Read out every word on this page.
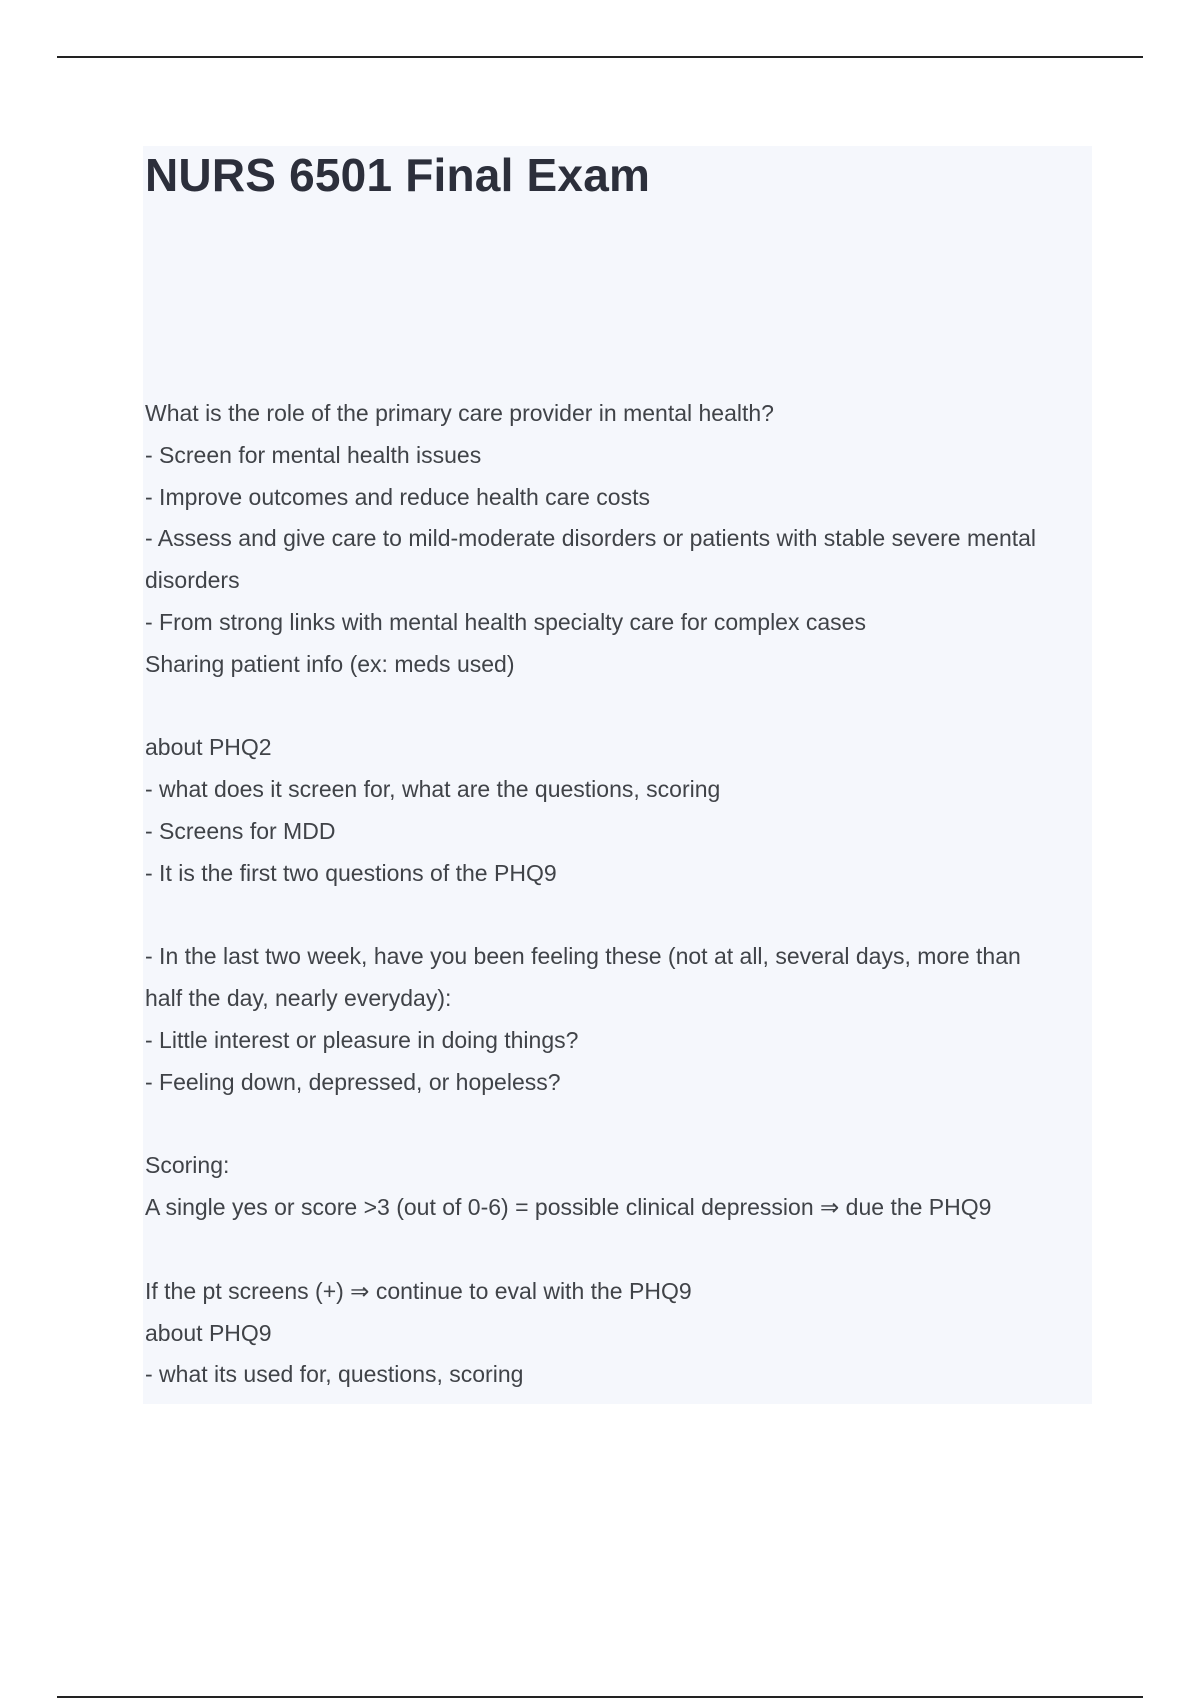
NURS 6501 Final Exam
What is the role of the primary care provider in mental health?
- Screen for mental health issues
- Improve outcomes and reduce health care costs
- Assess and give care to mild-moderate disorders or patients with stable severe mental
disorders
- From strong links with mental health specialty care for complex cases
Sharing patient info (ex: meds used)
about PHQ2
- what does it screen for, what are the questions, scoring
- Screens for MDD
- It is the first two questions of the PHQ9
- In the last two week, have you been feeling these (not at all, several days, more than
half the day, nearly everyday):
- Little interest or pleasure in doing things?
- Feeling down, depressed, or hopeless?
Scoring:
A single yes or score >3 (out of 0-6) = possible clinical depression ⇒ due the PHQ9
If the pt screens (+) ⇒ continue to eval with the PHQ9
about PHQ9
- what its used for, questions, scoring
